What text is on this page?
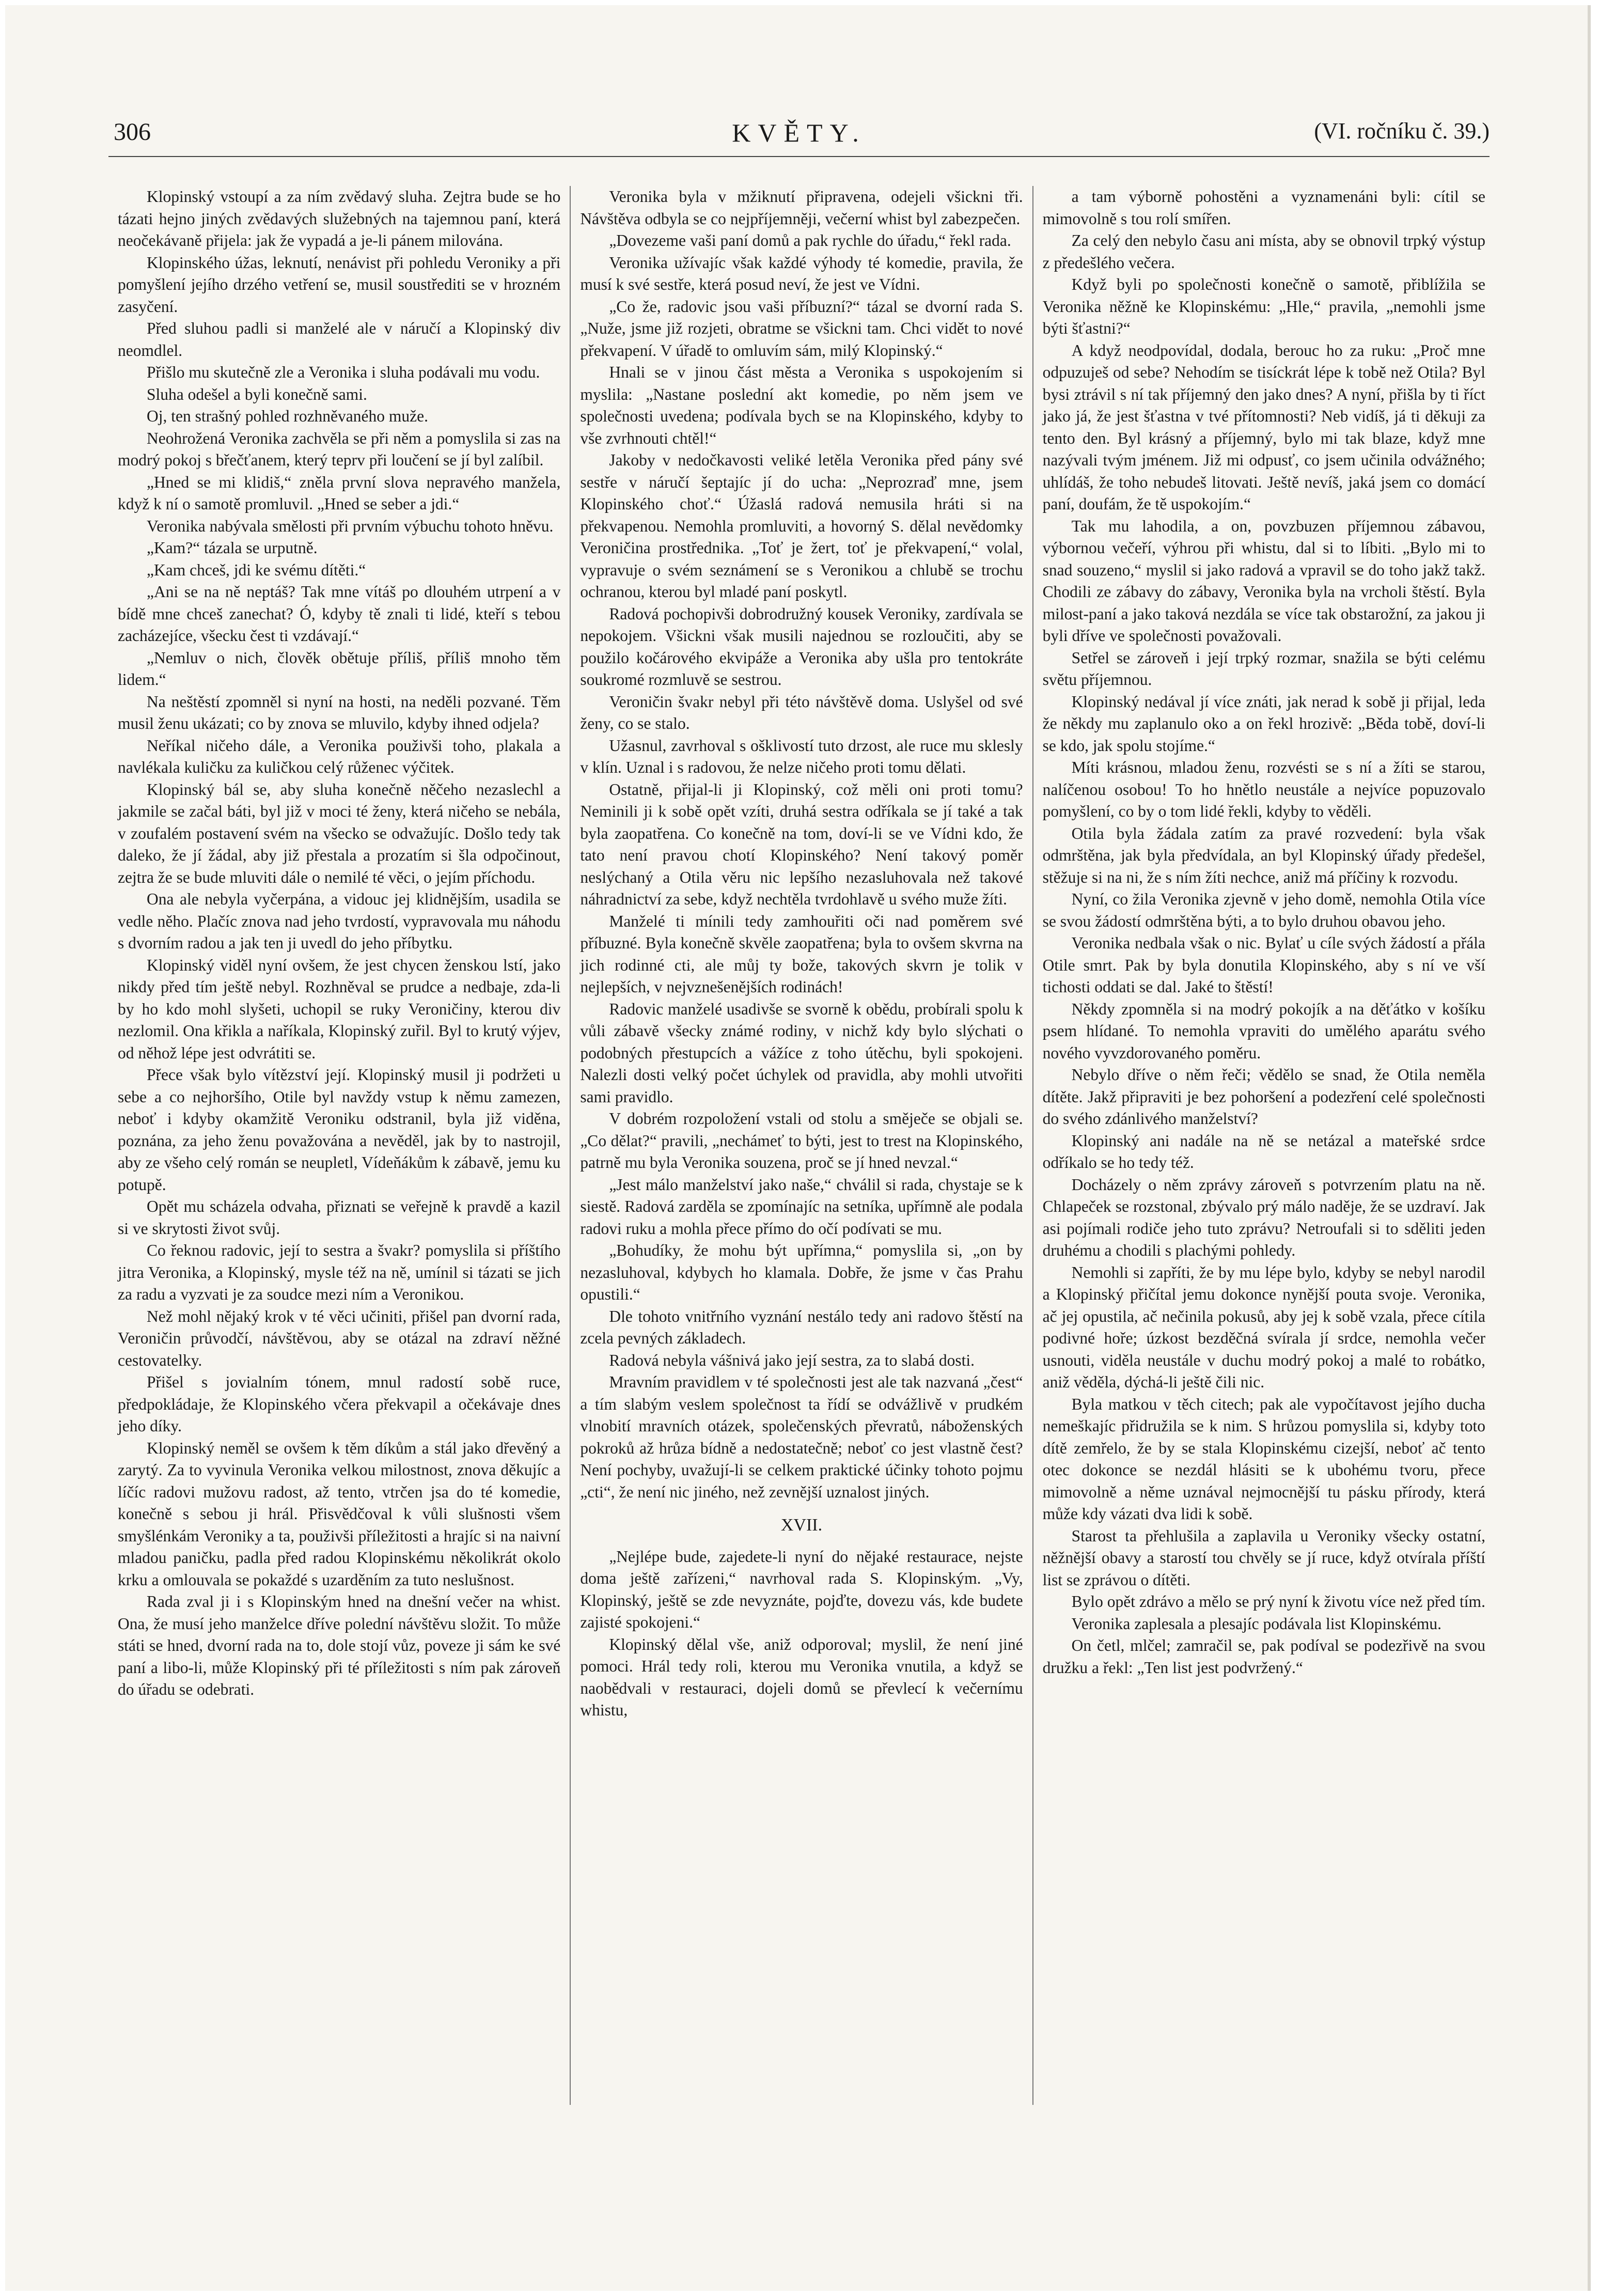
306	KVĚTY.	(VI. ročníku č. 39.)

Klopinský vstoupí a za ním zvědavý sluha. Zejtra bude se ho tázati hejno jiných zvědavých služebných na tajemnou paní, která neočekávaně přijela: jak že vypadá a je-li pánem milována.

Klopinského úžas, leknutí, nenávist při pohledu Veroniky a při pomyšlení jejího drzého vetření se, musil soustřediti se v hrozném zasyčení.

Před sluhou padli si manželé ale v náručí a Klopinský div neomdlel.

Přišlo mu skutečně zle a Veronika i sluha podávali mu vodu.

Sluha odešel a byli konečně sami.

Oj, ten strašný pohled rozhněvaného muže.

Neohrožená Veronika zachvěla se při něm a pomyslila si zas na modrý pokoj s břečťanem, který teprv při loučení se jí byl zalíbil.

„Hned se mi klidiš,“ zněla první slova nepravého manžela, když k ní o samotě promluvil. „Hned se seber a jdi.“

Veronika nabývala smělosti při prvním výbuchu tohoto hněvu.

„Kam?“ tázala se urputně.

„Kam chceš, jdi ke svému dítěti.“

„Ani se na ně neptáš? Tak mne vítáš po dlouhém utrpení a v bídě mne chceš zanechat? Ó, kdyby tě znali ti lidé, kteří s tebou zacházejíce, všecku čest ti vzdávají.“

„Nemluv o nich, člověk obětuje příliš, příliš mnoho těm lidem.“

Na neštěstí zpomněl si nyní na hosti, na neděli pozvané. Těm musil ženu ukázati; co by znova se mluvilo, kdyby ihned odjela?

Neříkal ničeho dále, a Veronika použivši toho, plakala a navlékala kuličku za kuličkou celý růženec výčitek.

Klopinský bál se, aby sluha konečně něčeho nezaslechl a jakmile se začal báti, byl již v moci té ženy, která ničeho se nebála, v zoufalém postavení svém na všecko se odvažujíc. Došlo tedy tak daleko, že jí žádal, aby již přestala a prozatím si šla odpočinout, zejtra že se bude mluviti dále o nemilé té věci, o jejím příchodu.

Ona ale nebyla vyčerpána, a vidouc jej klidnějším, usadila se vedle něho. Plačíc znova nad jeho tvrdostí, vypravovala mu náhodu s dvorním radou a jak ten ji uvedl do jeho příbytku.

Klopinský viděl nyní ovšem, že jest chycen ženskou lstí, jako nikdy před tím ještě nebyl. Rozhněval se prudce a nedbaje, zda-li by ho kdo mohl slyšeti, uchopil se ruky Veroničiny, kterou div nezlomil. Ona křikla a naříkala, Klopinský zuřil. Byl to krutý výjev, od něhož lépe jest odvrátiti se.

Přece však bylo vítězství její. Klopinský musil ji podržeti u sebe a co nejhoršího, Otile byl navždy vstup k němu zamezen, neboť i kdyby okamžitě Veroniku odstranil, byla již viděna, poznána, za jeho ženu považována a nevěděl, jak by to nastrojil, aby ze všeho celý román se neupletl, Vídeňákům k zábavě, jemu ku potupě.

Opět mu scházela odvaha, přiznati se veřejně k pravdě a kazil si ve skrytosti život svůj.

Co řeknou radovic, její to sestra a švakr? pomyslila si příštího jitra Veronika, a Klopinský, mysle též na ně, umínil si tázati se jich za radu a vyzvati je za soudce mezi ním a Veronikou.

Než mohl nějaký krok v té věci učiniti, přišel pan dvorní rada, Veroničin průvodčí, návštěvou, aby se otázal na zdraví něžné cestovatelky.

Přišel s jovialním tónem, mnul radostí sobě ruce, předpokládaje, že Klopinského včera překvapil a očekávaje dnes jeho díky.

Klopinský neměl se ovšem k těm díkům a stál jako dřevěný a zarytý. Za to vyvinula Veronika velkou milostnost, znova děkujíc a líčíc radovi mužovu radost, až tento, vtrčen jsa do té komedie, konečně s sebou ji hrál. Přisvědčoval k vůli slušnosti všem smyšlénkám Veroniky a ta, použivši příležitosti a hrajíc si na naivní mladou paničku, padla před radou Klopinskému několikrát okolo krku a omlouvala se pokaždé s uzarděním za tuto neslušnost.

Rada zval ji i s Klopinským hned na dnešní večer na whist. Ona, že musí jeho manželce dříve polední návštěvu složit. To může státi se hned, dvorní rada na to, dole stojí vůz, poveze ji sám ke své paní a libo-li, může Klopinský při té příležitosti s ním pak zároveň do úřadu se odebrati.

Veronika byla v mžiknutí připravena, odejeli všickni tři. Návštěva odbyla se co nejpříjemněji, večerní whist byl zabezpečen.

„Dovezeme vaši paní domů a pak rychle do úřadu,“ řekl rada.

Veronika užívajíc však každé výhody té komedie, pravila, že musí k své sestře, která posud neví, že jest ve Vídni.

„Co že, radovic jsou vaši příbuzní?“ tázal se dvorní rada S. „Nuže, jsme již rozjeti, obratme se všickni tam. Chci vidět to nové překvapení. V úřadě to omluvím sám, milý Klopinský.“

Hnali se v jinou část města a Veronika s uspokojením si myslila: „Nastane poslední akt komedie, po něm jsem ve společnosti uvedena; podívala bych se na Klopinského, kdyby to vše zvrhnouti chtěl!“

Jakoby v nedočkavosti veliké letěla Veronika před pány své sestře v náručí šeptajíc jí do ucha: „Neprozraď mne, jsem Klopinského choť.“ Úžaslá radová nemusila hráti si na překvapenou. Nemohla promluviti, a hovorný S. dělal nevědomky Veroničina prostřednika. „Toť je žert, toť je překvapení,“ volal, vypravuje o svém seznámení se s Veronikou a chlubě se trochu ochranou, kterou byl mladé paní poskytl.

Radová pochopivši dobrodružný kousek Veroniky, zardívala se nepokojem. Všickni však musili najednou se rozloučiti, aby se použilo kočárového ekvipáže a Veronika aby ušla pro tentokráte soukromé rozmluvě se sestrou.

Veroničin švakr nebyl při této návštěvě doma. Uslyšel od své ženy, co se stalo.

Užasnul, zavrhoval s ošklivostí tuto drzost, ale ruce mu sklesly v klín. Uznal i s radovou, že nelze ničeho proti tomu dělati.

Ostatně, přijal-li ji Klopinský, což měli oni proti tomu? Neminili ji k sobě opět vzíti, druhá sestra odříkala se jí také a tak byla zaopatřena. Co konečně na tom, doví-li se ve Vídni kdo, že tato není pravou chotí Klopinského? Není takový poměr neslýchaný a Otila věru nic lepšího nezasluhovala než takové náhradnictví za sebe, když nechtěla tvrdohlavě u svého muže žíti.

Manželé ti mínili tedy zamhouřiti oči nad poměrem své příbuzné. Byla konečně skvěle zaopatřena; byla to ovšem skvrna na jich rodinné cti, ale můj ty bože, takových skvrn je tolik v nejlepších, v nejvznešenějších rodinách!

Radovic manželé usadivše se svorně k obědu, probírali spolu k vůli zábavě všecky známé rodiny, v nichž kdy bylo slýchati o podobných přestupcích a vážíce z toho útěchu, byli spokojeni. Nalezli dosti velký počet úchylek od pravidla, aby mohli utvořiti sami pravidlo.

V dobrém rozpoložení vstali od stolu a směječe se objali se. „Co dělat?“ pravili, „nechámeť to býti, jest to trest na Klopinského, patrně mu byla Veronika souzena, proč se jí hned nevzal.“

„Jest málo manželství jako naše,“ chválil si rada, chystaje se k siestě. Radová zarděla se zpomínajíc na setníka, upřímně ale podala radovi ruku a mohla přece přímo do očí podívati se mu.

„Bohudíky, že mohu být upřímna,“ pomyslila si, „on by nezasluhoval, kdybych ho klamala. Dobře, že jsme v čas Prahu opustili.“

Dle tohoto vnitřního vyznání nestálo tedy ani radovo štěstí na zcela pevných základech.

Radová nebyla vášnivá jako její sestra, za to slabá dosti.

Mravním pravidlem v té společnosti jest ale tak nazvaná „čest“ a tím slabým veslem společnost ta řídí se odvážlivě v prudkém vlnobití mravních otázek, společenských převratů, náboženských pokroků až hrůza bídně a nedostatečně; neboť co jest vlastně čest? Není pochyby, uvažují-li se celkem praktické účinky tohoto pojmu „cti“, že není nic jiného, než zevnější uznalost jiných.

XVII.

„Nejlépe bude, zajedete-li nyní do nějaké restaurace, nejste doma ještě zařízeni,“ navrhoval rada S. Klopinským. „Vy, Klopinský, ještě se zde nevyznáte, pojďte, dovezu vás, kde budete zajisté spokojeni.“

Klopinský dělal vše, aniž odporoval; myslil, že není jiné pomoci. Hrál tedy roli, kterou mu Veronika vnutila, a když se naobědvali v restauraci, dojeli domů se převlecí k večernímu whistu,

a tam výborně pohostěni a vyznamenáni byli: cítil se mimovolně s tou rolí smířen.

Za celý den nebylo času ani místa, aby se obnovil trpký výstup z předešlého večera.

Když byli po společnosti konečně o samotě, přiblížila se Veronika něžně ke Klopinskému: „Hle,“ pravila, „nemohli jsme býti šťastni?“

A když neodpovídal, dodala, berouc ho za ruku: „Proč mne odpuzuješ od sebe? Nehodím se tisíckrát lépe k tobě než Otila? Byl bysi ztrávil s ní tak příjemný den jako dnes? A nyní, přišla by ti říct jako já, že jest šťastna v tvé přítomnosti? Neb vidíš, já ti děkuji za tento den. Byl krásný a příjemný, bylo mi tak blaze, když mne nazývali tvým jménem. Již mi odpusť, co jsem učinila odvážného; uhlídáš, že toho nebudeš litovati. Ještě nevíš, jaká jsem co domácí paní, doufám, že tě uspokojím.“

Tak mu lahodila, a on, povzbuzen příjemnou zábavou, výbornou večeří, výhrou při whistu, dal si to líbiti. „Bylo mi to snad souzeno,“ myslil si jako radová a vpravil se do toho jakž takž. Chodili ze zábavy do zábavy, Veronika byla na vrcholi štěstí. Byla milost-paní a jako taková nezdála se více tak obstarožní, za jakou ji byli dříve ve společnosti považovali.

Setřel se zároveň i její trpký rozmar, snažila se býti celému světu příjemnou.

Klopinský nedával jí více znáti, jak nerad k sobě ji přijal, leda že někdy mu zaplanulo oko a on řekl hrozivě: „Běda tobě, doví-li se kdo, jak spolu stojíme.“

Míti krásnou, mladou ženu, rozvésti se s ní a žíti se starou, nalíčenou osobou! To ho hnětlo neustále a nejvíce popuzovalo pomyšlení, co by o tom lidé řekli, kdyby to věděli.

Otila byla žádala zatím za pravé rozvedení: byla však odmrštěna, jak byla předvídala, an byl Klopinský úřady předešel, stěžuje si na ni, že s ním žíti nechce, aniž má příčiny k rozvodu.

Nyní, co žila Veronika zjevně v jeho domě, nemohla Otila více se svou žádostí odmrštěna býti, a to bylo druhou obavou jeho.

Veronika nedbala však o nic. Bylať u cíle svých žádostí a přála Otile smrt. Pak by byla donutila Klopinského, aby s ní ve vší tichosti oddati se dal. Jaké to štěstí!

Někdy zpomněla si na modrý pokojík a na děťátko v košíku psem hlídané. To nemohla vpraviti do umělého aparátu svého nového vyvzdorovaného poměru.

Nebylo dříve o něm řeči; vědělo se snad, že Otila neměla dítěte. Jakž připraviti je bez pohoršení a podezření celé společnosti do svého zdánlivého manželství?

Klopinský ani nadále na ně se netázal a mateřské srdce odříkalo se ho tedy též.

Docházely o něm zprávy zároveň s potvrzením platu na ně. Chlapeček se rozstonal, zbývalo prý málo naděje, že se uzdraví. Jak asi pojímali rodiče jeho tuto zprávu? Netroufali si to sděliti jeden druhému a chodili s plachými pohledy.

Nemohli si zapříti, že by mu lépe bylo, kdyby se nebyl narodil a Klopinský přičítal jemu dokonce nynější pouta svoje. Veronika, ač jej opustila, ač nečinila pokusů, aby jej k sobě vzala, přece cítila podivné hoře; úzkost bezděčná svírala jí srdce, nemohla večer usnouti, viděla neustále v duchu modrý pokoj a malé to robátko, aniž věděla, dýchá-li ještě čili nic.

Byla matkou v těch citech; pak ale vypočítavost jejího ducha nemeškajíc přidružila se k nim. S hrůzou pomyslila si, kdyby toto dítě zemřelo, že by se stala Klopinskému cizejší, neboť ač tento otec dokonce se nezdál hlásiti se k ubohému tvoru, přece mimovolně a něme uznával nejmocnější tu pásku přírody, která může kdy vázati dva lidi k sobě.

Starost ta přehlušila a zaplavila u Veroniky všecky ostatní, něžnější obavy a starostí tou chvěly se jí ruce, když otvírala příští list se zprávou o dítěti.

Bylo opět zdrávo a mělo se prý nyní k životu více než před tím.

Veronika zaplesala a plesajíc podávala list Klopinskému.

On četl, mlčel; zamračil se, pak podíval se podezřivě na svou družku a řekl: „Ten list jest podvržený.“
